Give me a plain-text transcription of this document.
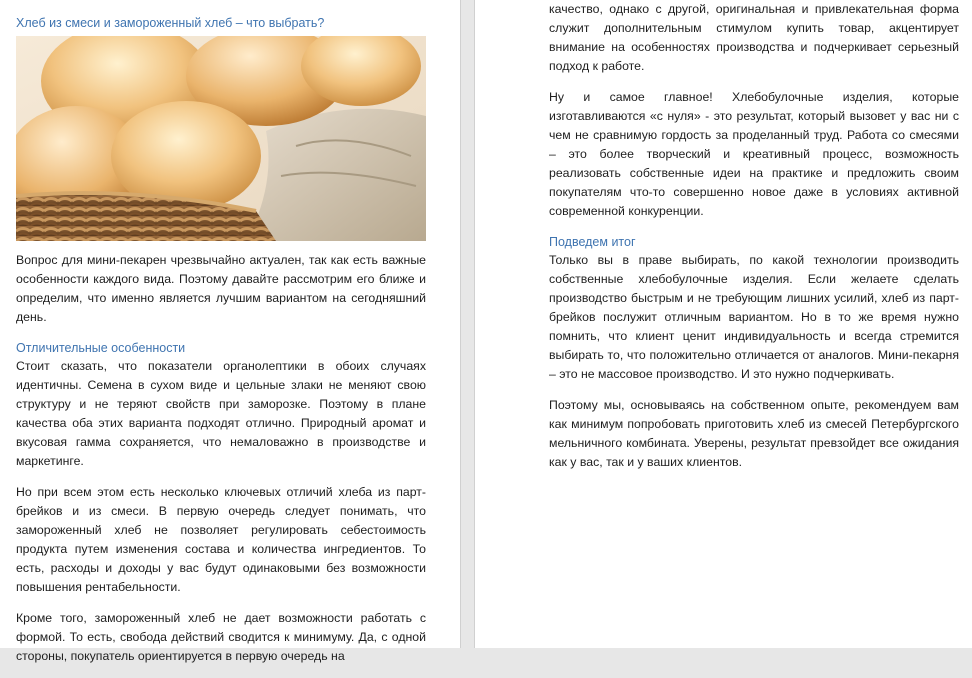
Хлеб из смеси и замороженный хлеб – что выбрать?

Вопрос для мини-пекарен чрезвычайно актуален, так как есть важные особенности каждого вида. Поэтому давайте рассмотрим его ближе и определим, что именно является лучшим вариантом на сегодняшний день.

Отличительные особенности

Стоит сказать, что показатели органолептики в обоих случаях идентичны. Семена в сухом виде и цельные злаки не меняют свою структуру и не теряют свойств при заморозке. Поэтому в плане качества оба этих варианта подходят отлично. Природный аромат и вкусовая гамма сохраняется, что немаловажно в производстве и маркетинге.

Но при всем этом есть несколько ключевых отличий хлеба из парт-брейков и из смеси. В первую очередь следует понимать, что замороженный хлеб не позволяет регулировать себестоимость продукта путем изменения состава и количества ингредиентов. То есть, расходы и доходы у вас будут одинаковыми без возможности повышения рентабельности.

Кроме того, замороженный хлеб не дает возможности работать с формой. То есть, свобода действий сводится к минимуму. Да, с одной стороны, покупатель ориентируется в первую очередь на

качество, однако с другой, оригинальная и привлекательная форма служит дополнительным стимулом купить товар, акцентирует внимание на особенностях производства и подчеркивает серьезный подход к работе.

Ну и самое главное! Хлебобулочные изделия, которые изготавливаются «с нуля» - это результат, который вызовет у вас ни с чем не сравнимую гордость за проделанный труд. Работа со смесями – это более творческий и креативный процесс, возможность реализовать собственные идеи на практике и предложить своим покупателям что-то совершенно новое даже в условиях активной современной конкуренции.

Подведем итог

Только вы в праве выбирать, по какой технологии производить собственные хлебобулочные изделия. Если желаете сделать производство быстрым и не требующим лишних усилий, хлеб из парт-брейков послужит отличным вариантом. Но в то же время нужно помнить, что клиент ценит индивидуальность и всегда стремится выбирать то, что положительно отличается от аналогов. Мини-пекарня – это не массовое производство. И это нужно подчеркивать.

Поэтому мы, основываясь на собственном опыте, рекомендуем вам как минимум попробовать приготовить хлеб из смесей Петербургского мельничного комбината. Уверены, результат превзойдет все ожидания как у вас, так и у ваших клиентов.
